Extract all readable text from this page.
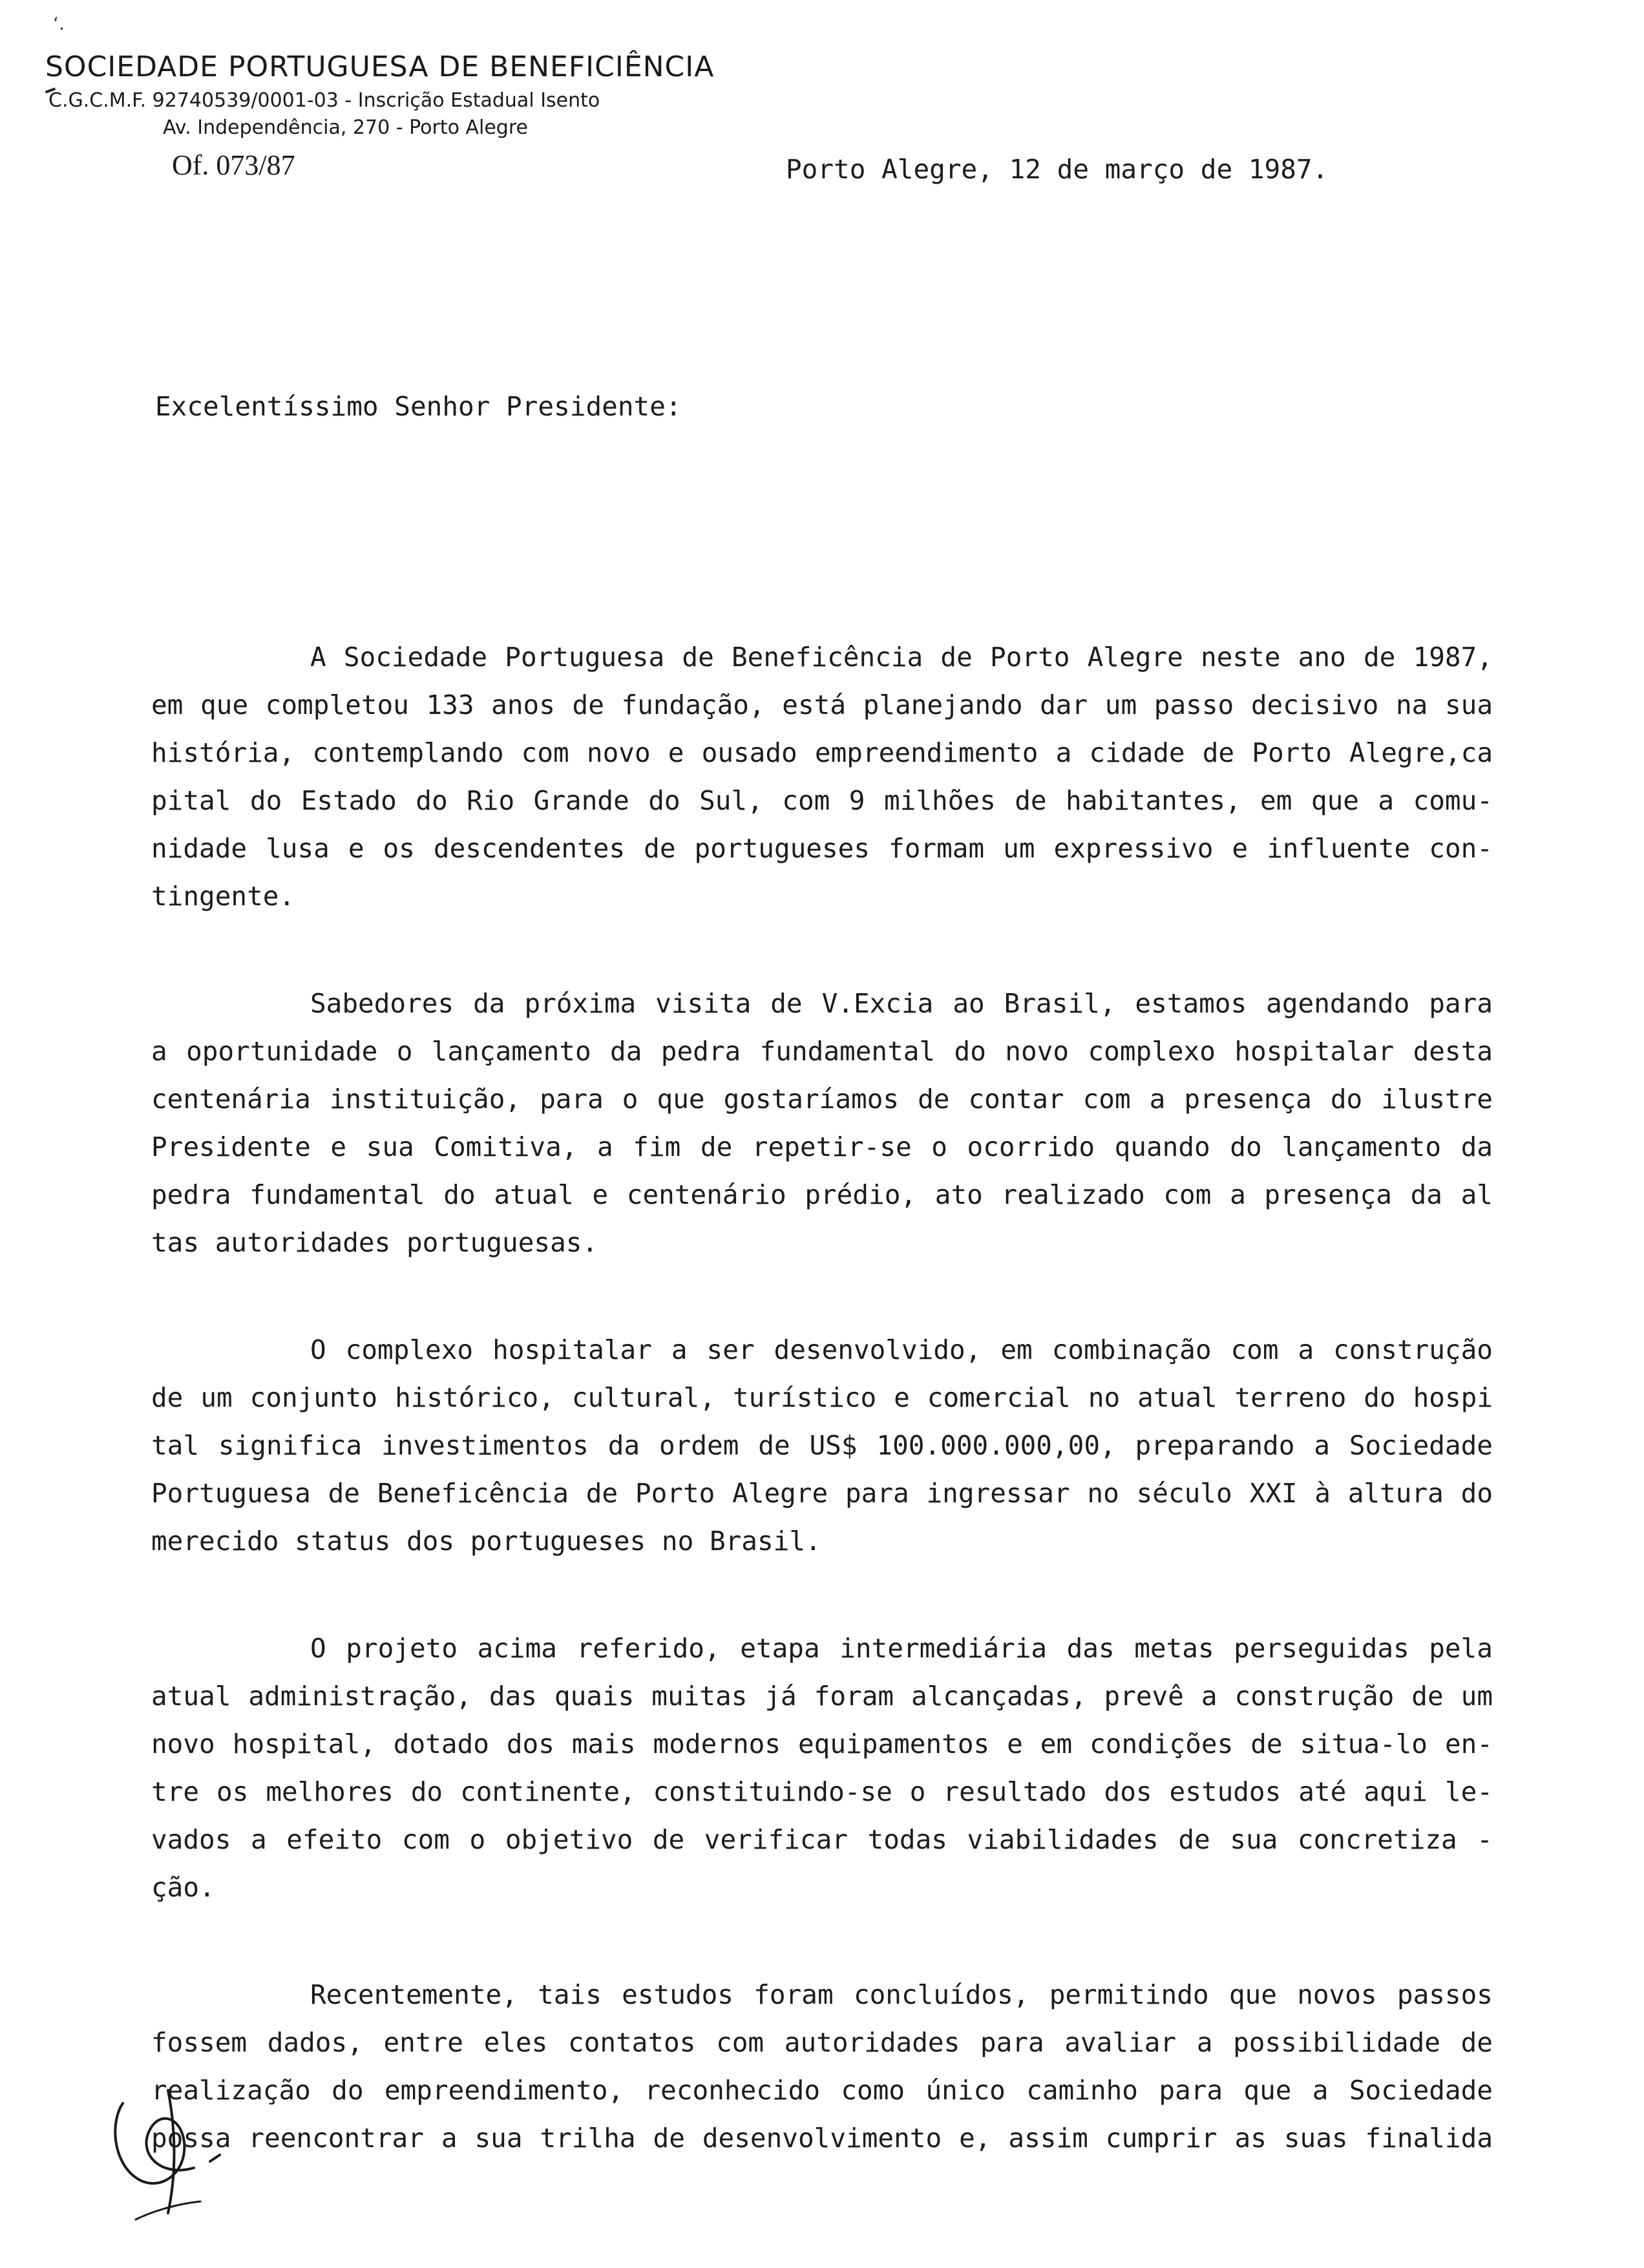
‘.
SOCIEDADE PORTUGUESA DE BENEFICIÊNCIA
C.G.C.M.F. 92740539/0001-03 - Inscrição Estadual Isento
Av. Independência, 270 - Porto Alegre
Of. 073/87	Porto Alegre, 12 de março de 1987.
Excelentíssimo Senhor Presidente:
A Sociedade Portuguesa de Beneficência de Porto Alegre neste ano de 1987,
em que completou 133 anos de fundação, está planejando dar um passo decisivo na sua
história, contemplando com novo e ousado empreendimento a cidade de Porto Alegre,ca
pital do Estado do Rio Grande do Sul, com 9 milhões de habitantes, em que a comu-
nidade lusa e os descendentes de portugueses formam um expressivo e influente con-
tingente.
Sabedores da próxima visita de V.Excia ao Brasil, estamos agendando para
a oportunidade o lançamento da pedra fundamental do novo complexo hospitalar desta
centenária instituição, para o que gostaríamos de contar com a presença do ilustre
Presidente e sua Comitiva, a fim de repetir-se o ocorrido quando do lançamento da
pedra fundamental do atual e centenário prédio, ato realizado com a presença da al
tas autoridades portuguesas.
O complexo hospitalar a ser desenvolvido, em combinação com a construção
de um conjunto histórico, cultural, turístico e comercial no atual terreno do hospi
tal significa investimentos da ordem de US$ 100.000.000,00, preparando a Sociedade
Portuguesa de Beneficência de Porto Alegre para ingressar no século XXI à altura do
merecido status dos portugueses no Brasil.
O projeto acima referido, etapa intermediária das metas perseguidas pela
atual administração, das quais muitas já foram alcançadas, prevê a construção de um
novo hospital, dotado dos mais modernos equipamentos e em condições de situa-lo en-
tre os melhores do continente, constituindo-se o resultado dos estudos até aqui le-
vados a efeito com o objetivo de verificar todas viabilidades de sua concretiza -
ção.
Recentemente, tais estudos foram concluídos, permitindo que novos passos
fossem dados, entre eles contatos com autoridades para avaliar a possibilidade de
realização do empreendimento, reconhecido como único caminho para que a Sociedade
possa reencontrar a sua trilha de desenvolvimento e, assim cumprir as suas finalida
